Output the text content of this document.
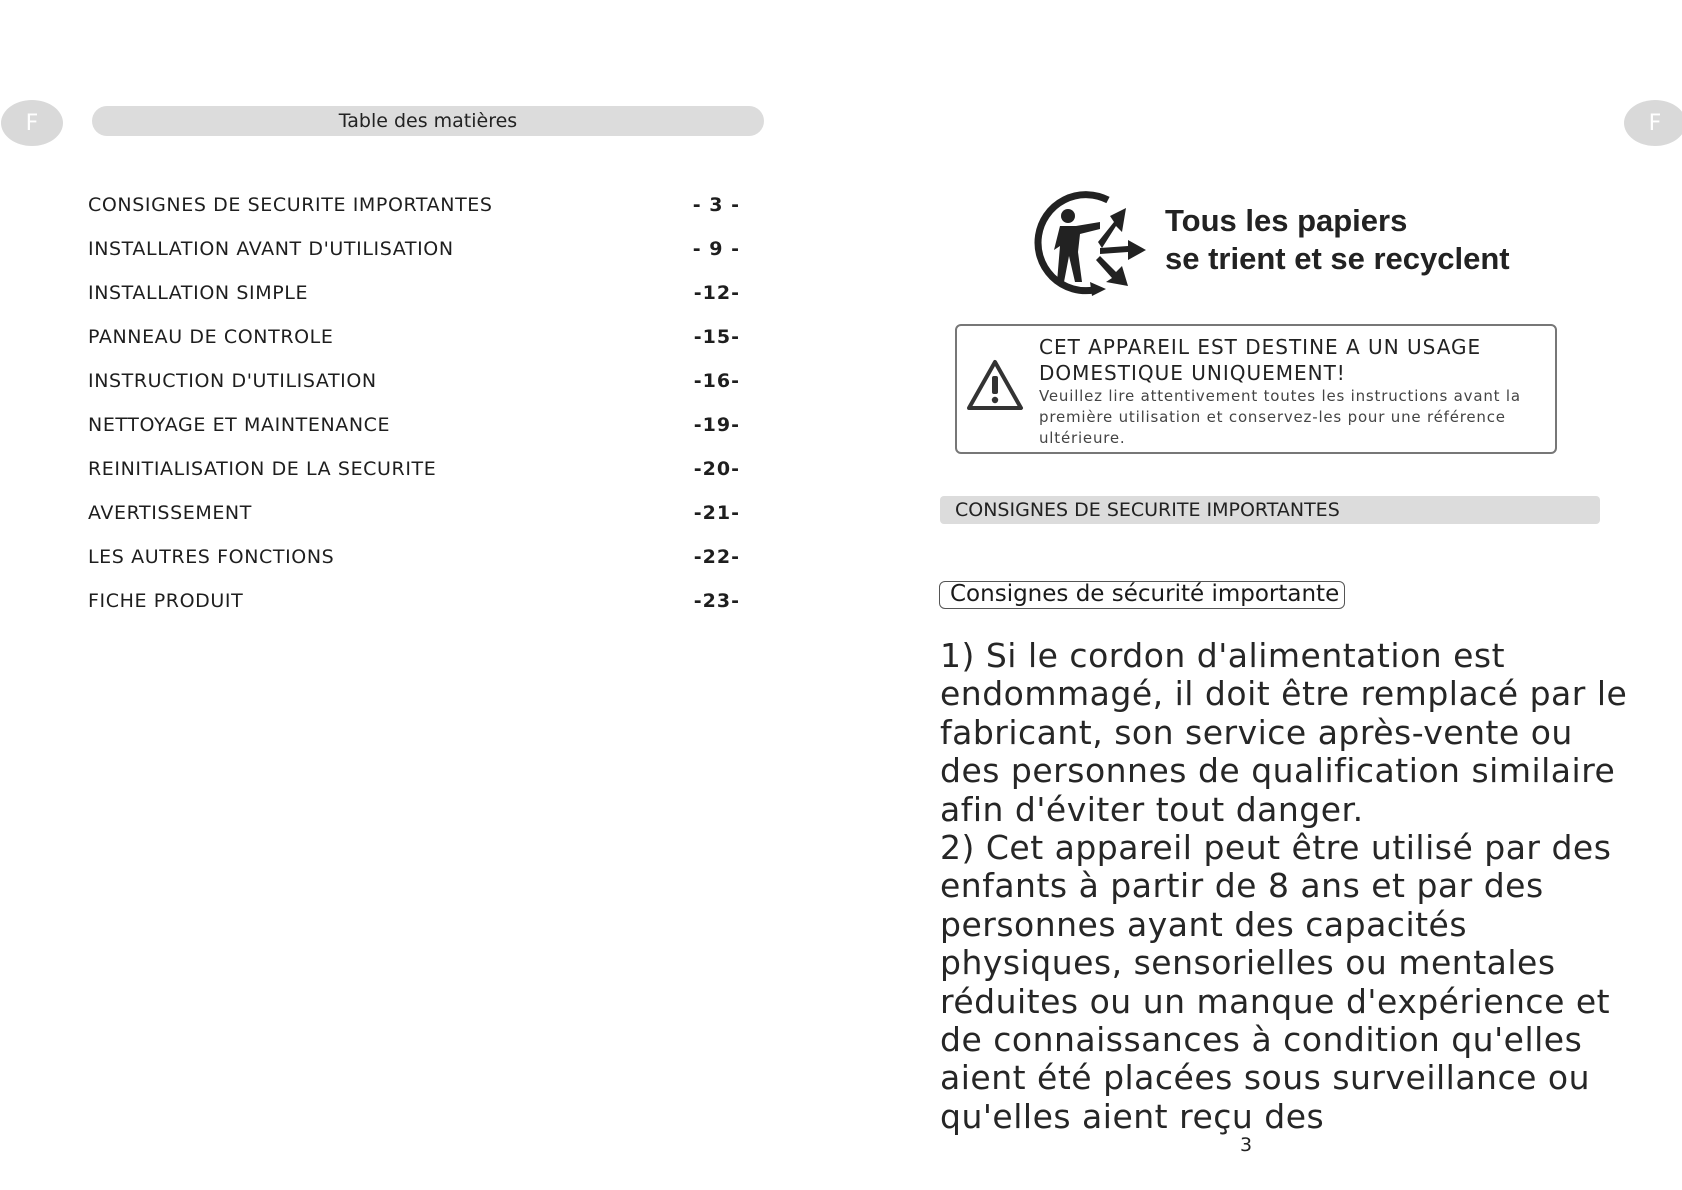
F	F
Table des matières
CONSIGNES DE SECURITE IMPORTANTES	- 3 -
INSTALLATION AVANT D'UTILISATION	- 9 -
INSTALLATION SIMPLE	-12-
PANNEAU DE CONTROLE	-15-
INSTRUCTION D'UTILISATION	-16-
NETTOYAGE ET MAINTENANCE	-19-
REINITIALISATION DE LA SECURITE	-20-
AVERTISSEMENT	-21-
LES AUTRES FONCTIONS	-22-
FICHE PRODUIT	-23-
Tous les papiers
se trient et se recyclent
CET APPAREIL EST DESTINE A UN USAGE DOMESTIQUE UNIQUEMENT!
Veuillez lire attentivement toutes les instructions avant la première utilisation et conservez-les pour une référence ultérieure.
CONSIGNES DE SECURITE IMPORTANTES
Consignes de sécurité importante

1) Si le cordon d'alimentation est endommagé, il doit être remplacé par le fabricant, son service après-vente ou des personnes de qualification similaire afin d'éviter tout danger.

2) Cet appareil peut être utilisé par des enfants à partir de 8 ans et par des personnes ayant des capacités physiques, sensorielles ou mentales réduites ou un manque d'expérience et de connaissances à condition qu'elles aient été placées sous surveillance ou qu'elles aient reçu des

3
